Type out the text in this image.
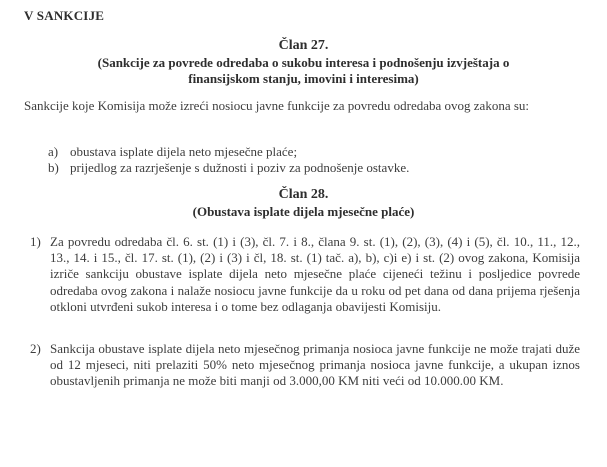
V SANKCIJE
Član 27.
(Sankcije za povrede odredaba o sukobu interesa i podnošenju izvještaja o
finansijskom stanju, imovini i interesima)
Sankcije koje Komisija može izreći nosiocu javne funkcije za povredu odredaba ovog zakona su:
a) obustava isplate dijela neto mjesečne plaće;
b) prijedlog za razrješenje s dužnosti i poziv za podnošenje ostavke.
Član 28.
(Obustava isplate dijela mjesečne plaće)
1) Za povredu odredaba čl. 6. st. (1) i (3), čl. 7. i 8., člana 9. st. (1), (2), (3), (4) i (5), čl. 10., 11., 12., 13., 14. i 15., čl. 17. st. (1), (2) i (3) i čl, 18. st. (1) tač. a), b), c)i e) i st. (2) ovog zakona, Komisija izriče sankciju obustave isplate dijela neto mjesečne plaće cijeneći težinu i posljedice povrede odredaba ovog zakona i nalaže nosiocu javne funkcije da u roku od pet dana od dana prijema rješenja otkloni utvrđeni sukob interesa i o tome bez odlaganja obavijesti Komisiju.
2) Sankcija obustave isplate dijela neto mjesečnog primanja nosioca javne funkcije ne može trajati duže od 12 mjeseci, niti prelaziti 50% neto mjesečnog primanja nosioca javne funkcije, a ukupan iznos obustavljenih primanja ne može biti manji od 3.000,00 KM niti veći od 10.000.00 KM.
